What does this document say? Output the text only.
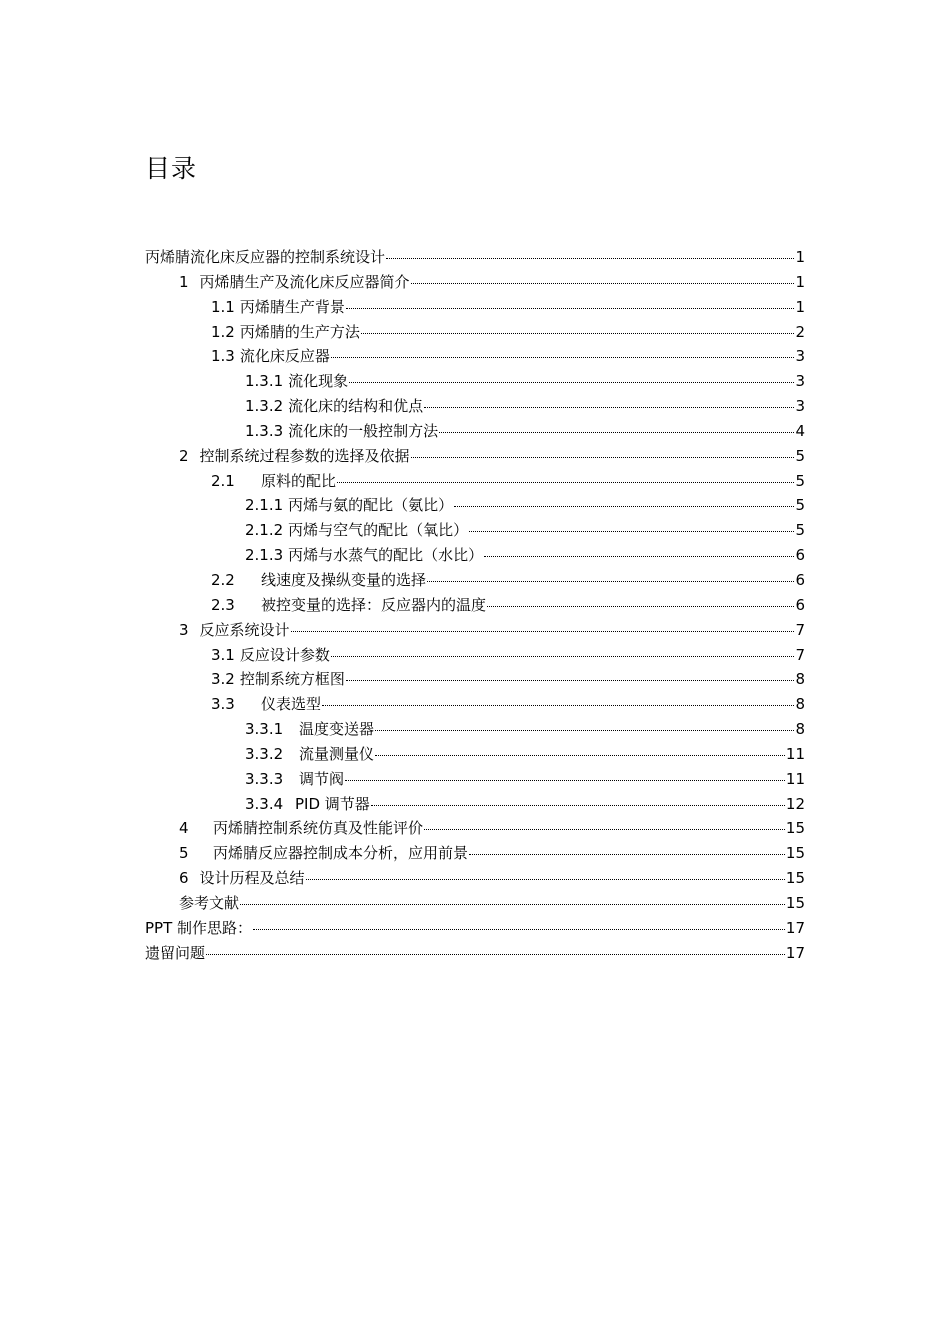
目录
丙烯腈流化床反应器的控制系统设计	1
1 丙烯腈生产及流化床反应器简介	1
1.1 丙烯腈生产背景	1
1.2 丙烯腈的生产方法	2
1.3 流化床反应器	3
1.3.1 流化现象	3
1.3.2 流化床的结构和优点	3
1.3.3 流化床的一般控制方法	4
2 控制系统过程参数的选择及依据	5
2.1	原料的配比	5
2.1.1 丙烯与氨的配比（氨比）	5
2.1.2 丙烯与空气的配比（氧比）	5
2.1.3 丙烯与水蒸气的配比（水比）	6
2.2	线速度及操纵变量的选择	6
2.3	被控变量的选择：反应器内的温度	6
3 反应系统设计	7
3.1 反应设计参数	7
3.2 控制系统方框图	8
3.3	仪表选型	8
3.3.1	温度变送器	8
3.3.2	流量测量仪	11
3.3.3	调节阀	11
3.3.4 PID 调节器	12
4	丙烯腈控制系统仿真及性能评价	15
5	丙烯腈反应器控制成本分析，应用前景	15
6 设计历程及总结	15
参考文献	15
PPT 制作思路：	17
遗留问题	17
